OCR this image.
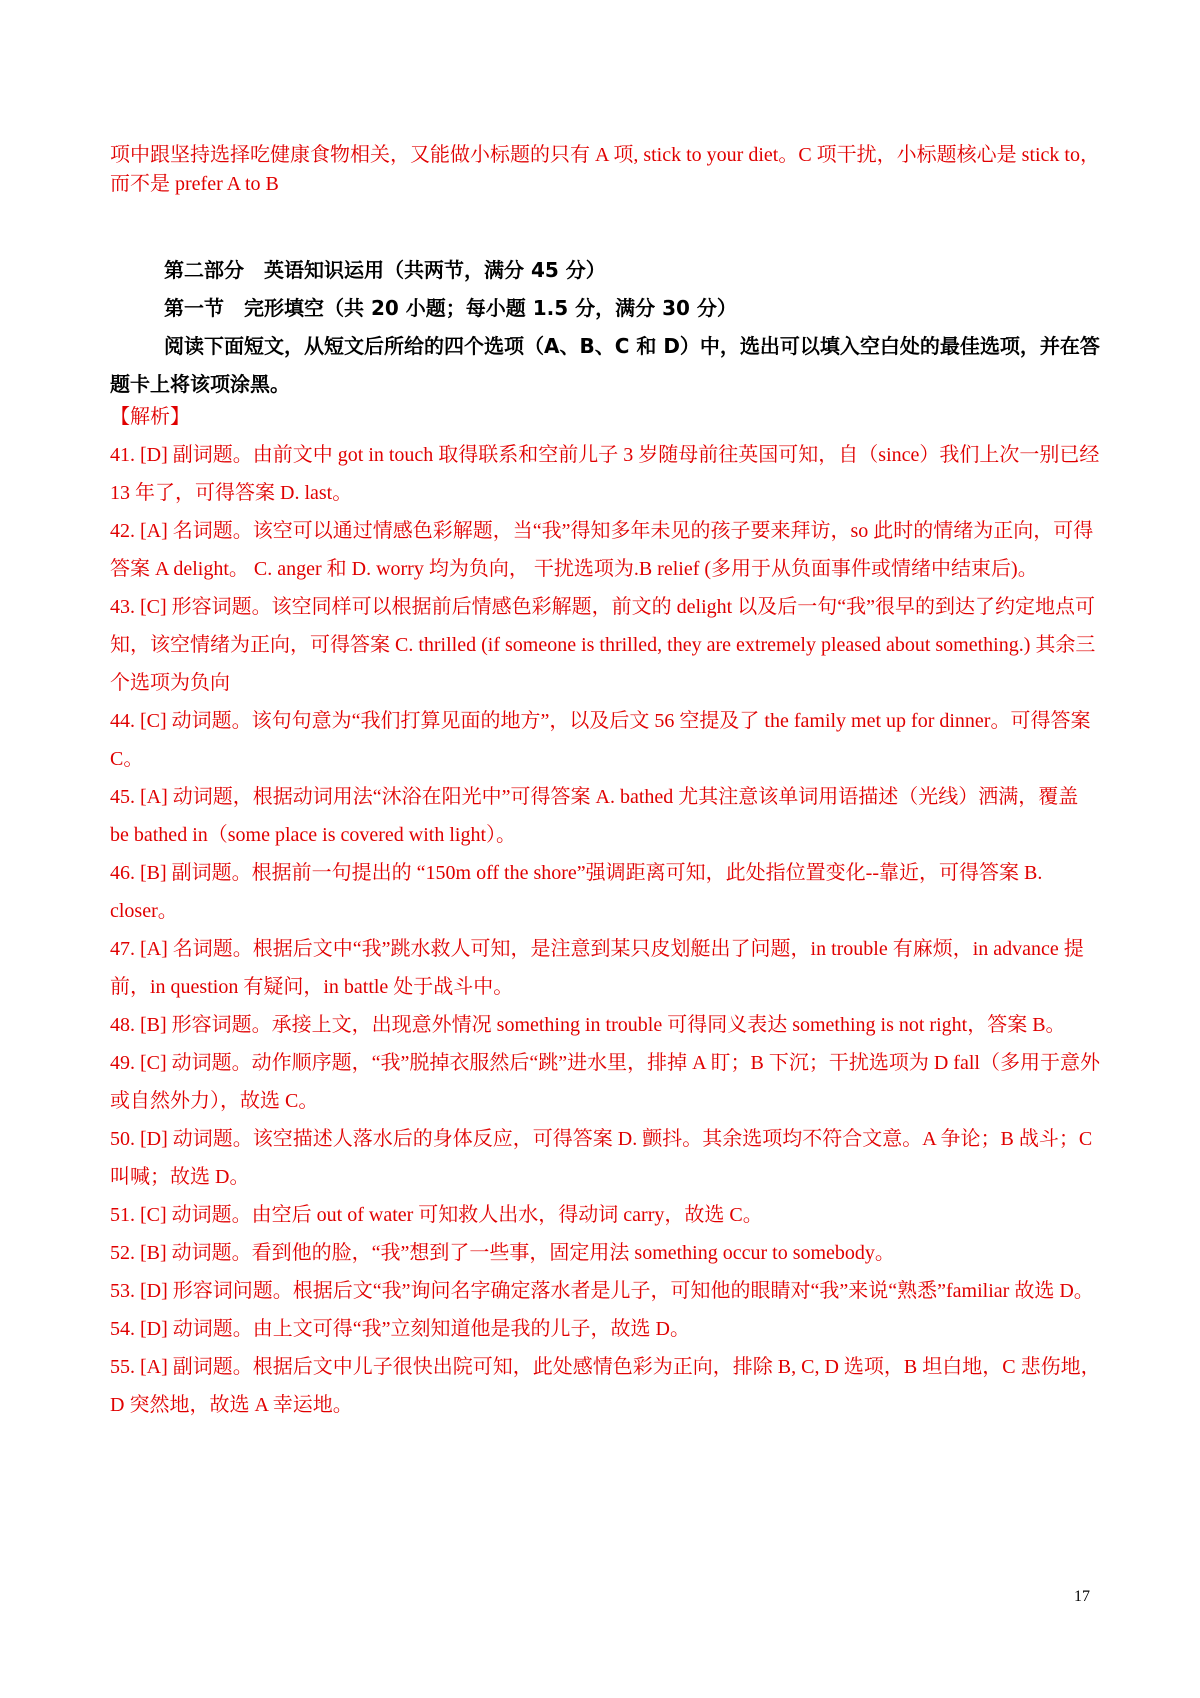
项中跟坚持选择吃健康食物相关，又能做小标题的只有 A 项, stick to your diet。C 项干扰，小标题核心是 stick to，而不是 prefer A to B
第二部分　英语知识运用（共两节，满分 45 分）
第一节　完形填空（共 20 小题；每小题 1.5 分，满分 30 分）
阅读下面短文，从短文后所给的四个选项（A、B、C 和 D）中，选出可以填入空白处的最佳选项，并在答题卡上将该项涂黑。
【解析】

41. [D] 副词题。由前文中 got in touch 取得联系和空前儿子 3 岁随母前往英国可知，自（since）我们上次一别已经 13 年了，可得答案 D. last。

42. [A] 名词题。该空可以通过情感色彩解题，当“我”得知多年未见的孩子要来拜访，so 此时的情绪为正向，可得答案 A delight。 C. anger 和 D. worry 均为负向， 干扰选项为.B relief (多用于从负面事件或情绪中结束后)。

43. [C] 形容词题。该空同样可以根据前后情感色彩解题，前文的 delight 以及后一句“我”很早的到达了约定地点可知，该空情绪为正向，可得答案 C. thrilled (if someone is thrilled, they are extremely pleased about something.) 其余三个选项为负向

44. [C] 动词题。该句句意为“我们打算见面的地方”，以及后文 56 空提及了 the family met up for dinner。可得答案 C。

45. [A] 动词题，根据动词用法“沐浴在阳光中”可得答案 A. bathed 尤其注意该单词用语描述（光线）洒满，覆盖 be bathed in（some place is covered with light）。

46. [B] 副词题。根据前一句提出的 “150m off the shore”强调距离可知，此处指位置变化--靠近，可得答案 B. closer。

47. [A] 名词题。根据后文中“我”跳水救人可知，是注意到某只皮划艇出了问题，in trouble 有麻烦，in advance 提前，in question 有疑问，in battle 处于战斗中。

48. [B] 形容词题。承接上文，出现意外情况 something in trouble 可得同义表达 something is not right，答案 B。

49. [C] 动词题。动作顺序题，“我”脱掉衣服然后“跳”进水里，排掉 A 盯；B 下沉；干扰选项为 D fall（多用于意外或自然外力），故选 C。

50. [D] 动词题。该空描述人落水后的身体反应，可得答案 D. 颤抖。其余选项均不符合文意。A 争论；B 战斗；C 叫喊；故选 D。

51. [C] 动词题。由空后 out of water 可知救人出水，得动词 carry，故选 C。

52. [B] 动词题。看到他的脸，“我”想到了一些事，固定用法 something occur to somebody。

53. [D] 形容词问题。根据后文“我”询问名字确定落水者是儿子，可知他的眼睛对“我”来说“熟悉”familiar 故选 D。

54. [D] 动词题。由上文可得“我”立刻知道他是我的儿子，故选 D。

55. [A] 副词题。根据后文中儿子很快出院可知，此处感情色彩为正向，排除 B, C, D 选项，B 坦白地，C 悲伤地，D 突然地，故选 A 幸运地。

17
